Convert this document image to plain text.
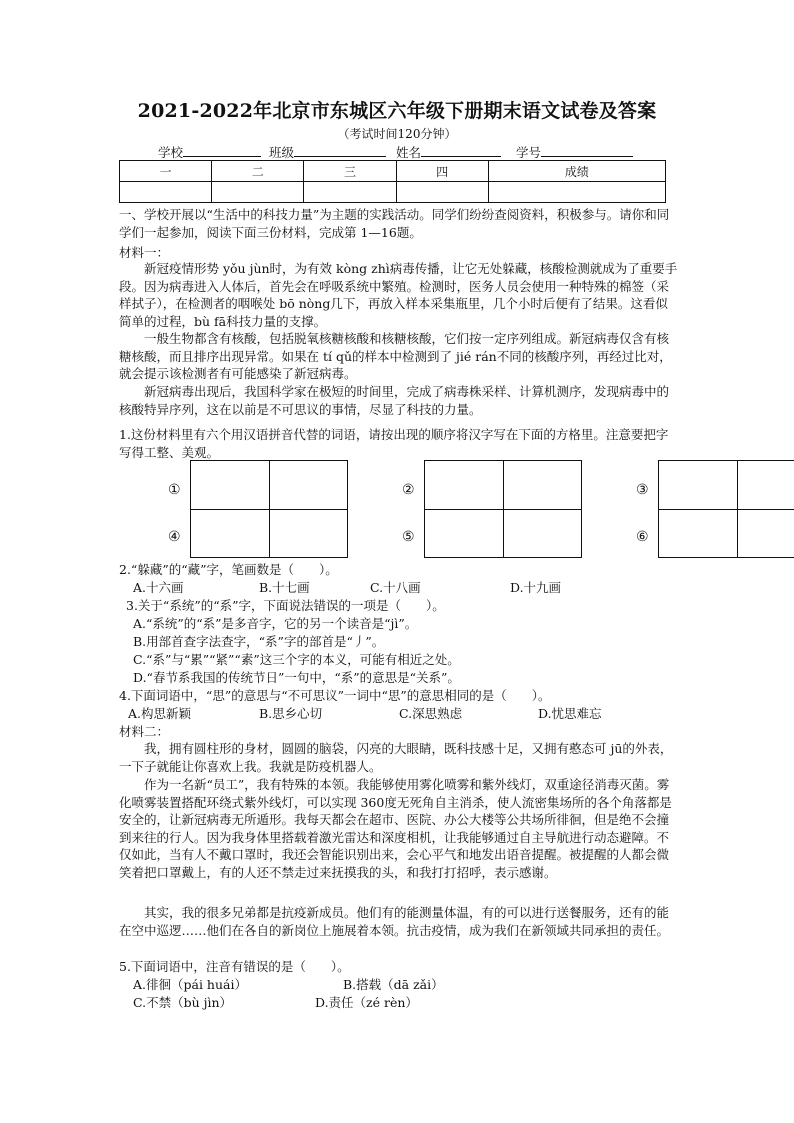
2021-2022年北京市东城区六年级下册期末语文试卷及答案
（考试时间120分钟）
学校	班级	姓名	学号
一	二	三	四	成绩

一、学校开展以“生活中的科技力量”为主题的实践活动。同学们纷纷查阅资料，积极参与。请你和同学们一起参加，阅读下面三份材料，完成第 1—16题。
材料一：
新冠疫情形势 yǒu jùn时，为有效 kòng zhì病毒传播，让它无处躲藏，核酸检测就成为了重要手段。因为病毒进入人体后，首先会在呼吸系统中繁殖。检测时，医务人员会使用一种特殊的棉签（采样拭子），在检测者的咽喉处 bō nòng几下，再放入样本采集瓶里，几个小时后便有了结果。这看似简单的过程，bù fā科技力量的支撑。
一般生物都含有核酸，包括脱氧核糖核酸和核糖核酸，它们按一定序列组成。新冠病毒仅含有核糖核酸，而且排序出现异常。如果在 tí qǔ的样本中检测到了 jié rán不同的核酸序列，再经过比对，就会提示该检测者有可能感染了新冠病毒。
新冠病毒出现后，我国科学家在极短的时间里，完成了病毒株采样、计算机测序，发现病毒中的核酸特异序列，这在以前是不可思议的事情，尽显了科技的力量。
1.这份材料里有六个用汉语拼音代替的词语，请按出现的顺序将汉字写在下面的方格里。注意要把字写得工整、美观。
①	②	③
④	⑤	⑥
2.“躲藏”的“藏”字，笔画数是（　　）。
A.十六画	B.十七画	C.十八画	D.十九画
3.关于“系统”的“系”字，下面说法错误的一项是（　　）。
A.“系统”的“系”是多音字，它的另一个读音是“jì”。
B.用部首查字法查字，“系”字的部首是“丿”。
C.“系”与“累”“紧”“素”这三个字的本义，可能有相近之处。
D.“春节系我国的传统节日”一句中，“系”的意思是“关系”。
4.下面词语中，“思”的意思与“不可思议”一词中“思”的意思相同的是（　　）。
A.构思新颖	B.思乡心切	C.深思熟虑	D.忧思难忘
材料二：
我，拥有圆柱形的身材，圆圆的脑袋，闪亮的大眼睛，既科技感十足，又拥有憨态可 jū的外表，一下子就能让你喜欢上我。我就是防疫机器人。
作为一名新“员工”，我有特殊的本领。我能够使用雾化喷雾和紫外线灯，双重途径消毒灭菌。雾化喷雾装置搭配环绕式紫外线灯，可以实现 360度无死角自主消杀，使人流密集场所的各个角落都是安全的，让新冠病毒无所遁形。我每天都会在超市、医院、办公大楼等公共场所徘徊，但是绝不会撞到来往的行人。因为我身体里搭载着激光雷达和深度相机，让我能够通过自主导航进行动态避障。不仅如此，当有人不戴口罩时，我还会智能识别出来，会心平气和地发出语音提醒。被提醒的人都会微笑着把口罩戴上，有的人还不禁走过来抚摸我的头，和我打打招呼，表示感谢。
其实，我的很多兄弟都是抗疫新成员。他们有的能测量体温，有的可以进行送餐服务，还有的能在空中巡逻……他们在各自的新岗位上施展着本领。抗击疫情，成为我们在新领域共同承担的责任。
5.下面词语中，注音有错误的是（　　）。
A.徘徊（pái huái）	B.搭载（dā zǎi）
C.不禁（bù jìn）	D.责任（zé rèn）
